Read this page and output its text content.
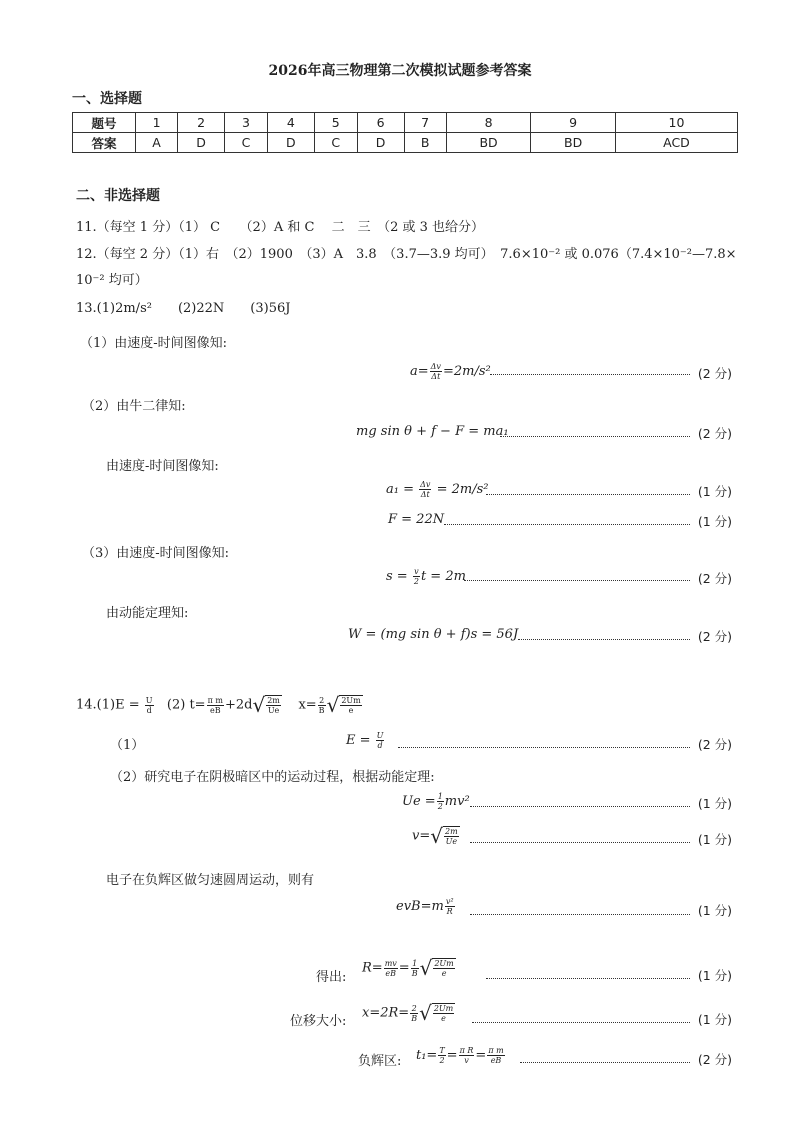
2026年高三物理第二次模拟试题参考答案
一、选择题
题号	1	2	3	4	5	6	7	8	9	10
答案	A	D	C	D	C	D	B	BD	BD	ACD
二、非选择题
11.（每空 1 分）（1） C　　（2）A 和 C　 二　三　（2 或 3 也给分）
12.（每空 2 分）（1）右　（2）1900　（3）A　3.8　（3.7—3.9 均可）　7.6×10⁻² 或 0.076（7.4×10⁻²—7.8×
10⁻² 均可）
13.(1)2m/s²　　(2)22N　　(3)56J
（1）由速度-时间图像知:
$a= \frac{\Delta v}{\Delta t} =2m/s^2$	(2 分)
（2）由牛二律知:
mg sin θ + f − F = ma₁	(2 分)
由速度-时间图像知:
$a_1 = \frac{\Delta v}{\Delta t} = 2m/s^2$	(1 分)
F = 22N	(1 分)
（3）由速度-时间图像知:
$s = \frac{v}{2}$ t = 2m	(2 分)
由动能定理知:
W = (mg sin θ + f)s = 56J	(2 分)
$14.(1)E = \frac{U}{d} (2)$ $t= \frac{\text{π m}}{eB} +2d√ \frac{2m}{Ue} x= \frac{2}{B}$ √ $\frac{2Um}{e}$
（1）	$E = \frac{U}{d}$	(2 分)
（2）研究电子在阴极暗区中的运动过程，根据动能定理:
$Ue = \frac{1}{2} mv^2$	(1 分)
$v=√ \frac{2m}{Ue}$	(1 分)
电子在负辉区做匀速圆周运动，则有
$evB=m \frac{\text{v²}}{R}$	(1 分)
得出:
$R= \frac{mv}{eB} = \frac{1}{B}$ √ $\frac{2Um}{e}$	(1 分)
位移大小:
$x=2R= \frac{2}{B}$ √ $\frac{2Um}{e}$	(1 分)
负辉区: $t_1= \frac{T}{2} = \frac{\text{π R}}{v} = \frac{\text{π m}}{eB}$	(2 分)
